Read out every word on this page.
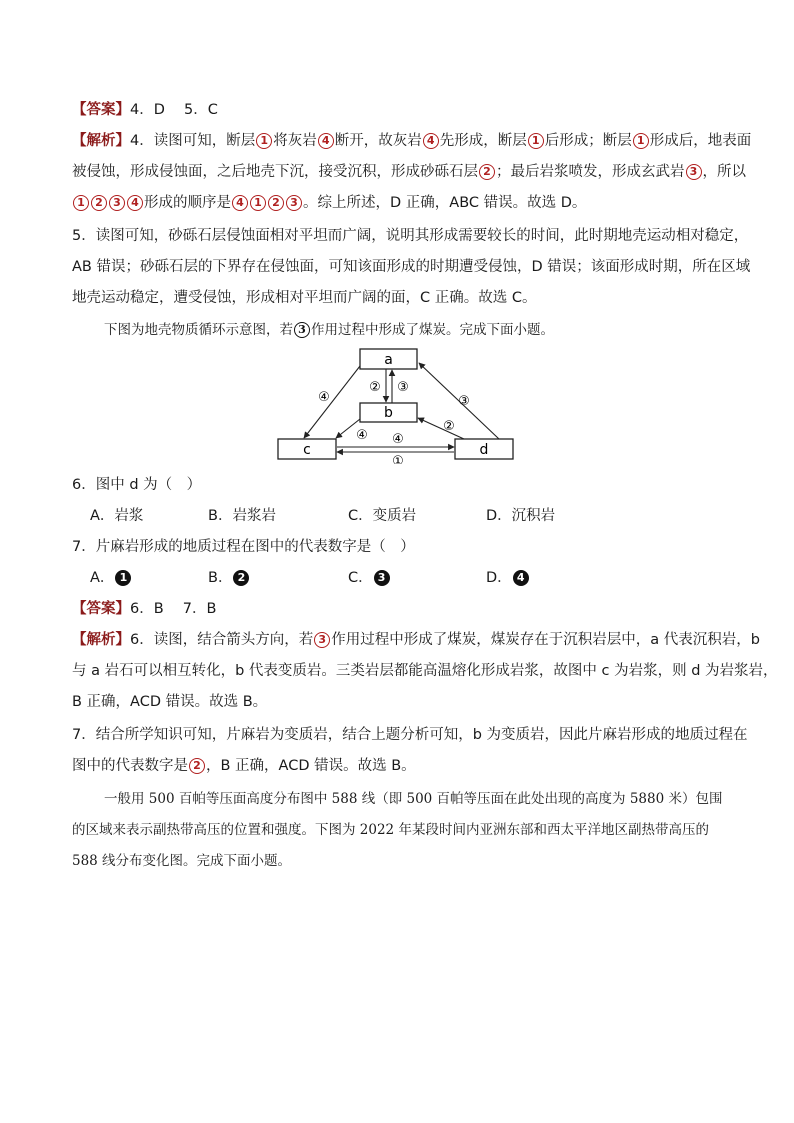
【答案】4．D　 5．C
【解析】4．读图可知，断层 1 将灰岩 4 断开，故灰岩 4 先形成，断层 1 后形成；断层 1 形成后，地表面
被侵蚀，形成侵蚀面，之后地壳下沉，接受沉积，形成砂砾石层 2 ；最后岩浆喷发，形成玄武岩 3 ，所以
1 2 3 4 形成的顺序是 4 1 2 3 。综上所述，D 正确，ABC 错误。故选 D。
5．读图可知，砂砾石层侵蚀面相对平坦而广阔，说明其形成需要较长的时间，此时期地壳运动相对稳定，
AB 错误；砂砾石层的下界存在侵蚀面，可知该面形成的时期遭受侵蚀，D 错误；该面形成时期，所在区域
地壳运动稳定，遭受侵蚀，形成相对平坦而广阔的面，C 正确。故选 C。
下图为地壳物质循环示意图，若 3 作用过程中形成了煤炭。完成下面小题。
a
b
c	d
④
② ③
③
④ ④
②
①
6．图中 d 为（　）
A．岩浆	B．岩浆岩	C．变质岩	D．沉积岩
7．片麻岩形成的地质过程在图中的代表数字是（　）
A． 1	B． 2	C． 3	D． 4
【答案】6．B　 7．B
【解析】6．读图，结合箭头方向，若 3 作用过程中形成了煤炭，煤炭存在于沉积岩层中，a 代表沉积岩，b
与 a 岩石可以相互转化，b 代表变质岩。三类岩层都能高温熔化形成岩浆，故图中 c 为岩浆，则 d 为岩浆岩，
B 正确，ACD 错误。故选 B。
7．结合所学知识可知，片麻岩为变质岩，结合上题分析可知，b 为变质岩，因此片麻岩形成的地质过程在
图中的代表数字是 2 ，B 正确，ACD 错误。故选 B。
一般用 500 百帕等压面高度分布图中 588 线（即 500 百帕等压面在此处出现的高度为 5880 米）包围
的区域来表示副热带高压的位置和强度。下图为 2022 年某段时间内亚洲东部和西太平洋地区副热带高压的
588 线分布变化图。完成下面小题。
